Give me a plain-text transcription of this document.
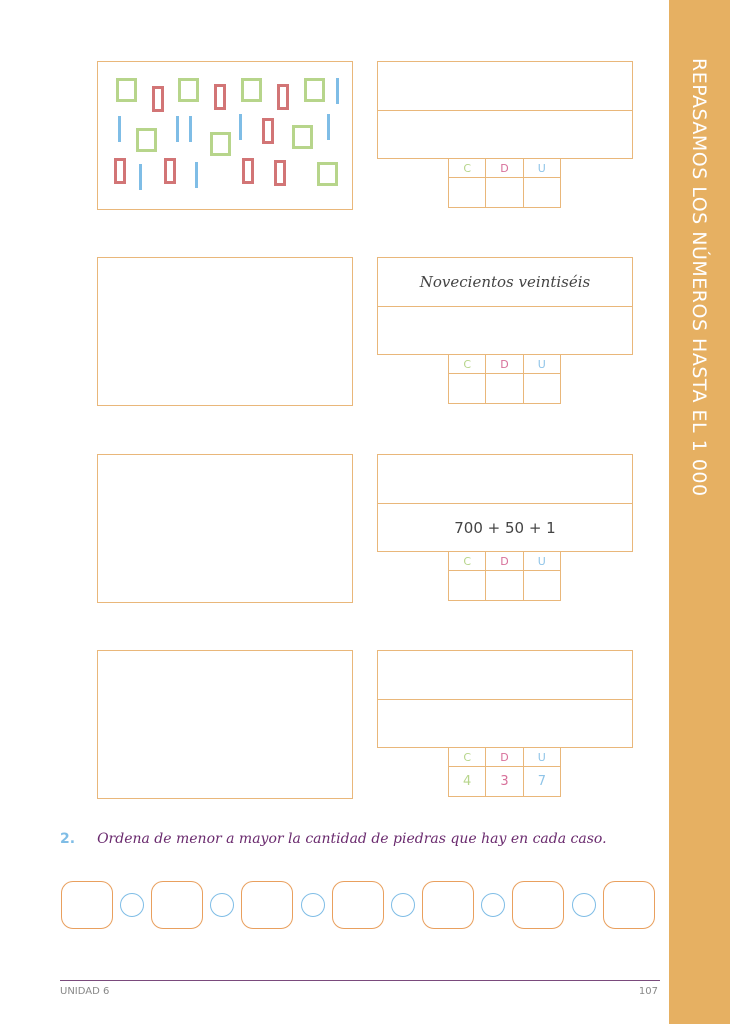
REPASAMOS LOS NÚMEROS HASTA EL 1 000
C	D	U

Novecientos veintiséis
C	D	U

700 + 50 + 1
C	D	U

C	D	U
4	3	7
2. Ordena de menor a mayor la cantidad de piedras que hay en cada caso.
UNIDAD 6	107
